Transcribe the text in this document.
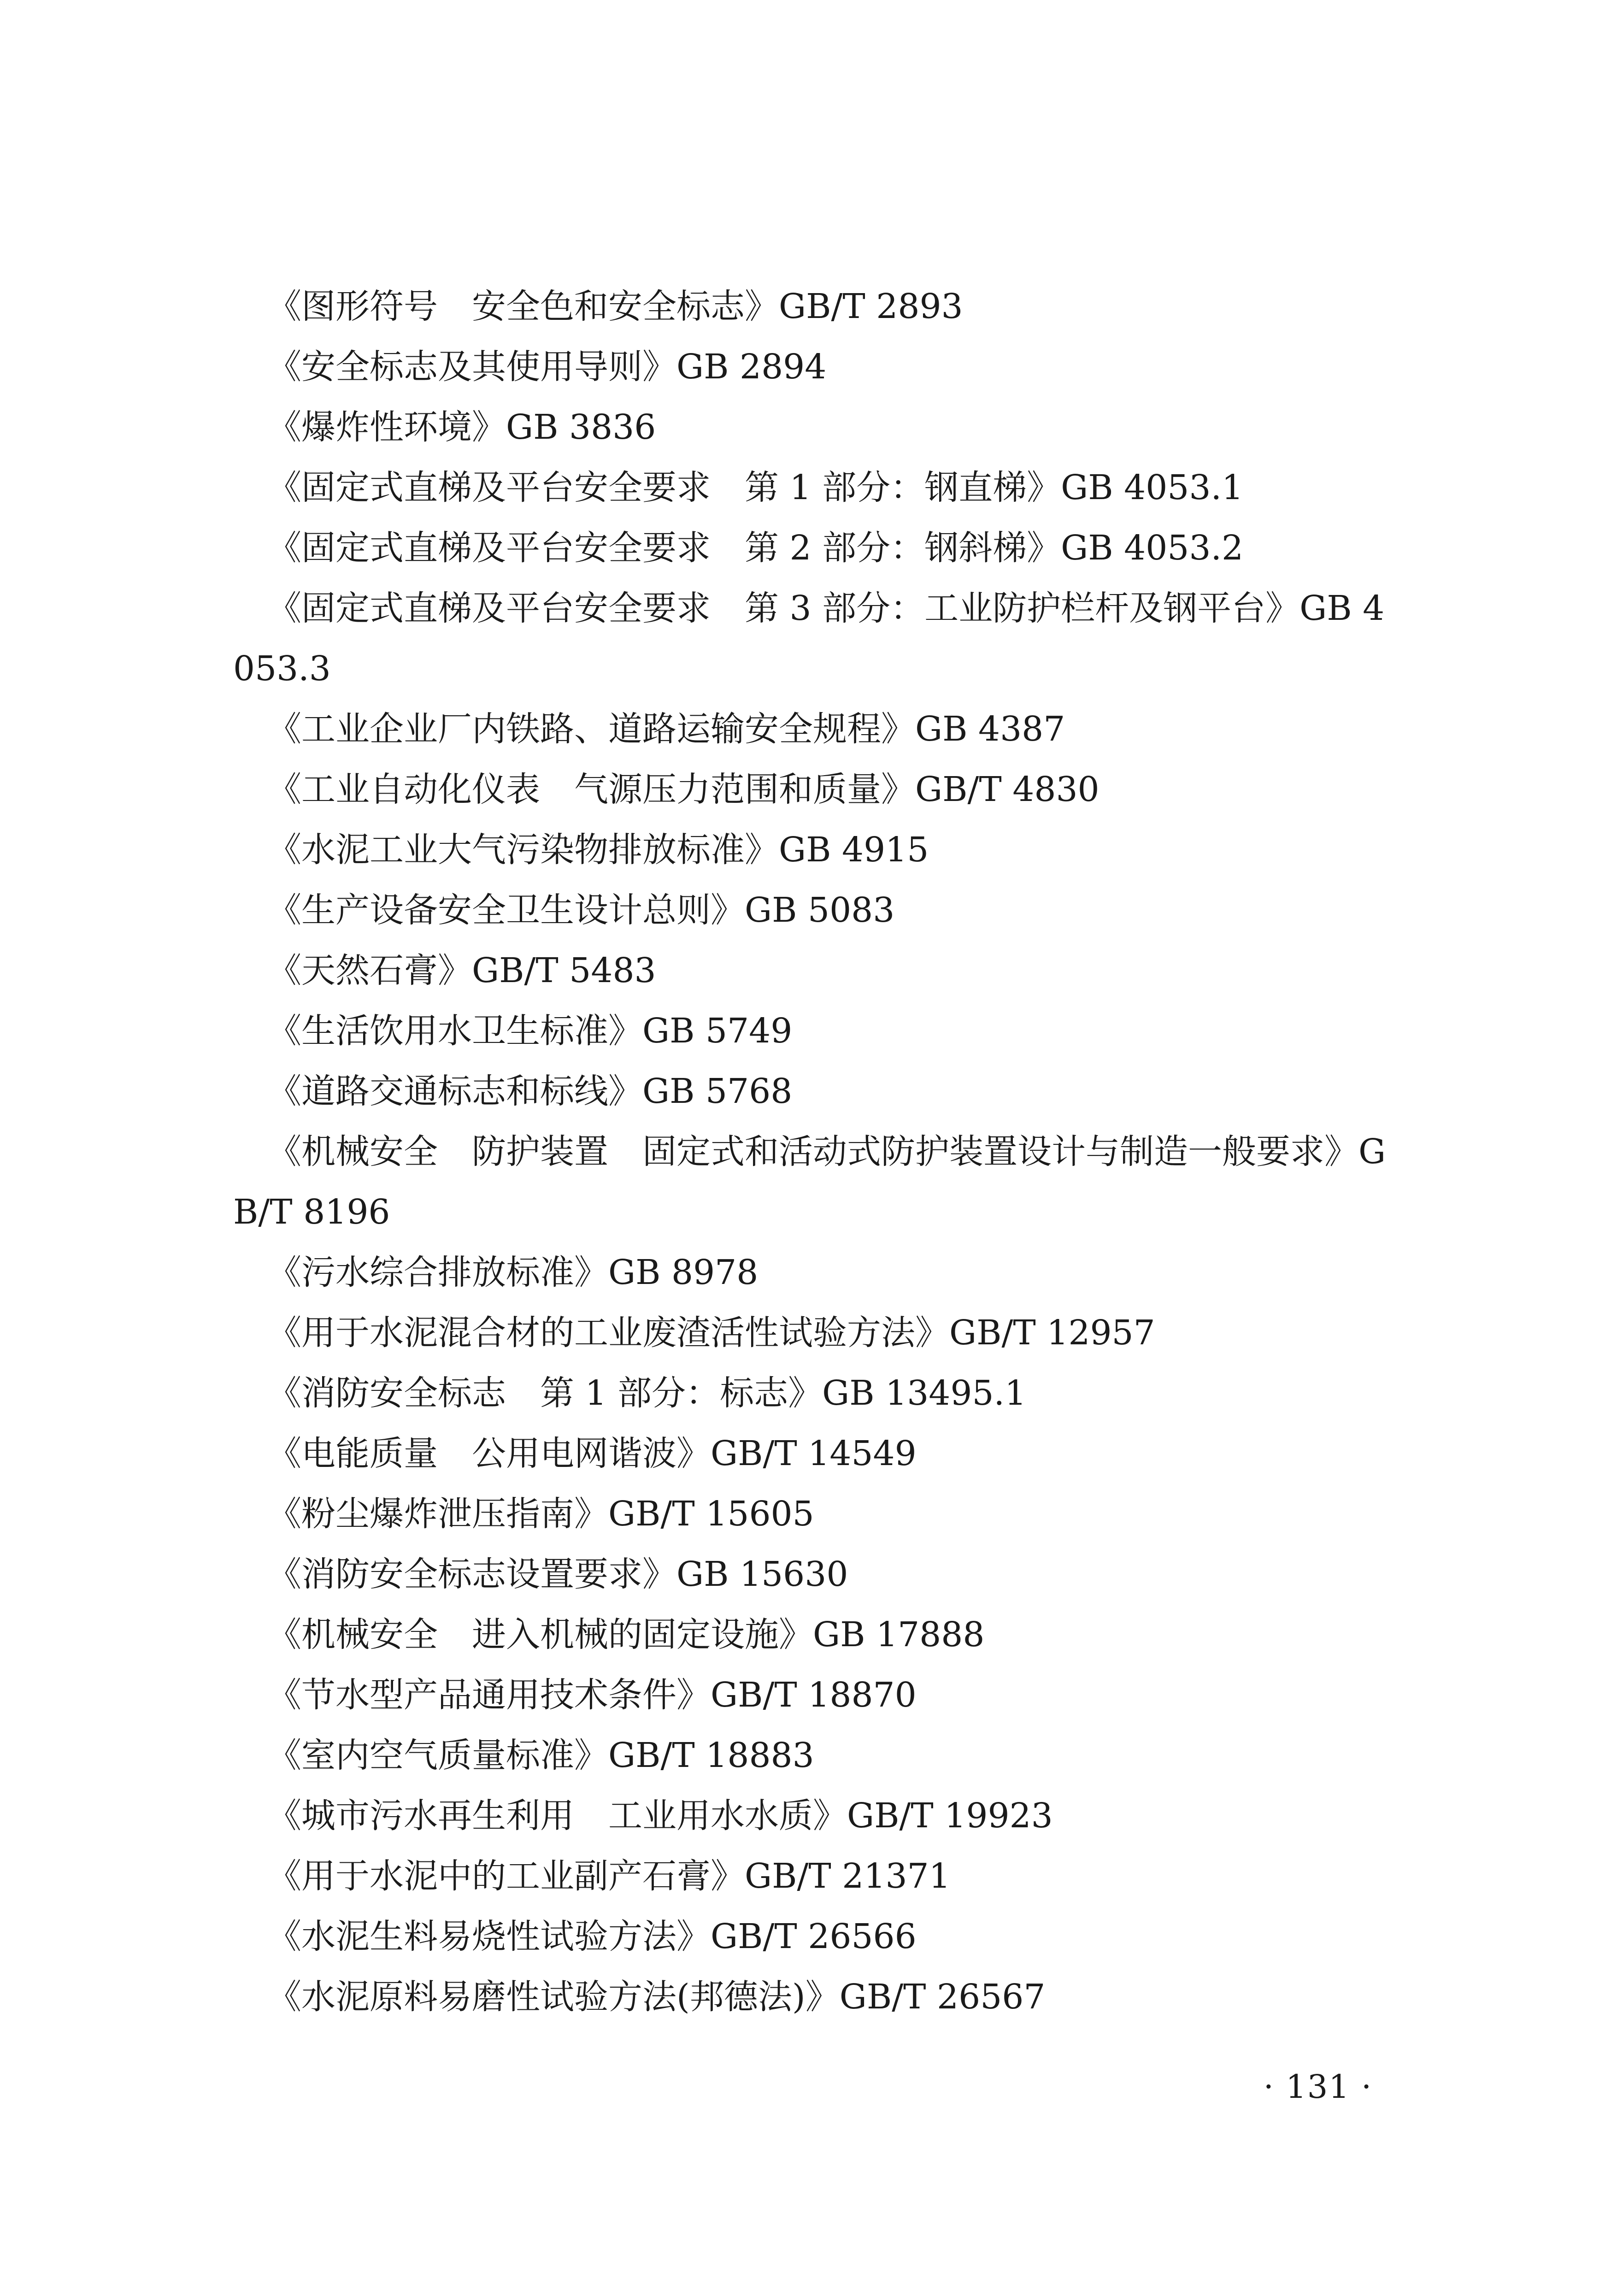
《图形符号　安全色和安全标志》GB/T 2893
《安全标志及其使用导则》GB 2894
《爆炸性环境》GB 3836
《固定式直梯及平台安全要求　第 1 部分：钢直梯》GB 4053.1
《固定式直梯及平台安全要求　第 2 部分：钢斜梯》GB 4053.2
《固定式直梯及平台安全要求　第 3 部分：工业防护栏杆及钢平台》GB 4053.3
《工业企业厂内铁路、道路运输安全规程》GB 4387
《工业自动化仪表　气源压力范围和质量》GB/T 4830
《水泥工业大气污染物排放标准》GB 4915
《生产设备安全卫生设计总则》GB 5083
《天然石膏》GB/T 5483
《生活饮用水卫生标准》GB 5749
《道路交通标志和标线》GB 5768
《机械安全　防护装置　固定式和活动式防护装置设计与制造一般要求》GB/T 8196
《污水综合排放标准》GB 8978
《用于水泥混合材的工业废渣活性试验方法》GB/T 12957
《消防安全标志　第 1 部分：标志》GB 13495.1
《电能质量　公用电网谐波》GB/T 14549
《粉尘爆炸泄压指南》GB/T 15605
《消防安全标志设置要求》GB 15630
《机械安全　进入机械的固定设施》GB 17888
《节水型产品通用技术条件》GB/T 18870
《室内空气质量标准》GB/T 18883
《城市污水再生利用　工业用水水质》GB/T 19923
《用于水泥中的工业副产石膏》GB/T 21371
《水泥生料易烧性试验方法》GB/T 26566
《水泥原料易磨性试验方法(邦德法)》GB/T 26567
· 131 ·
